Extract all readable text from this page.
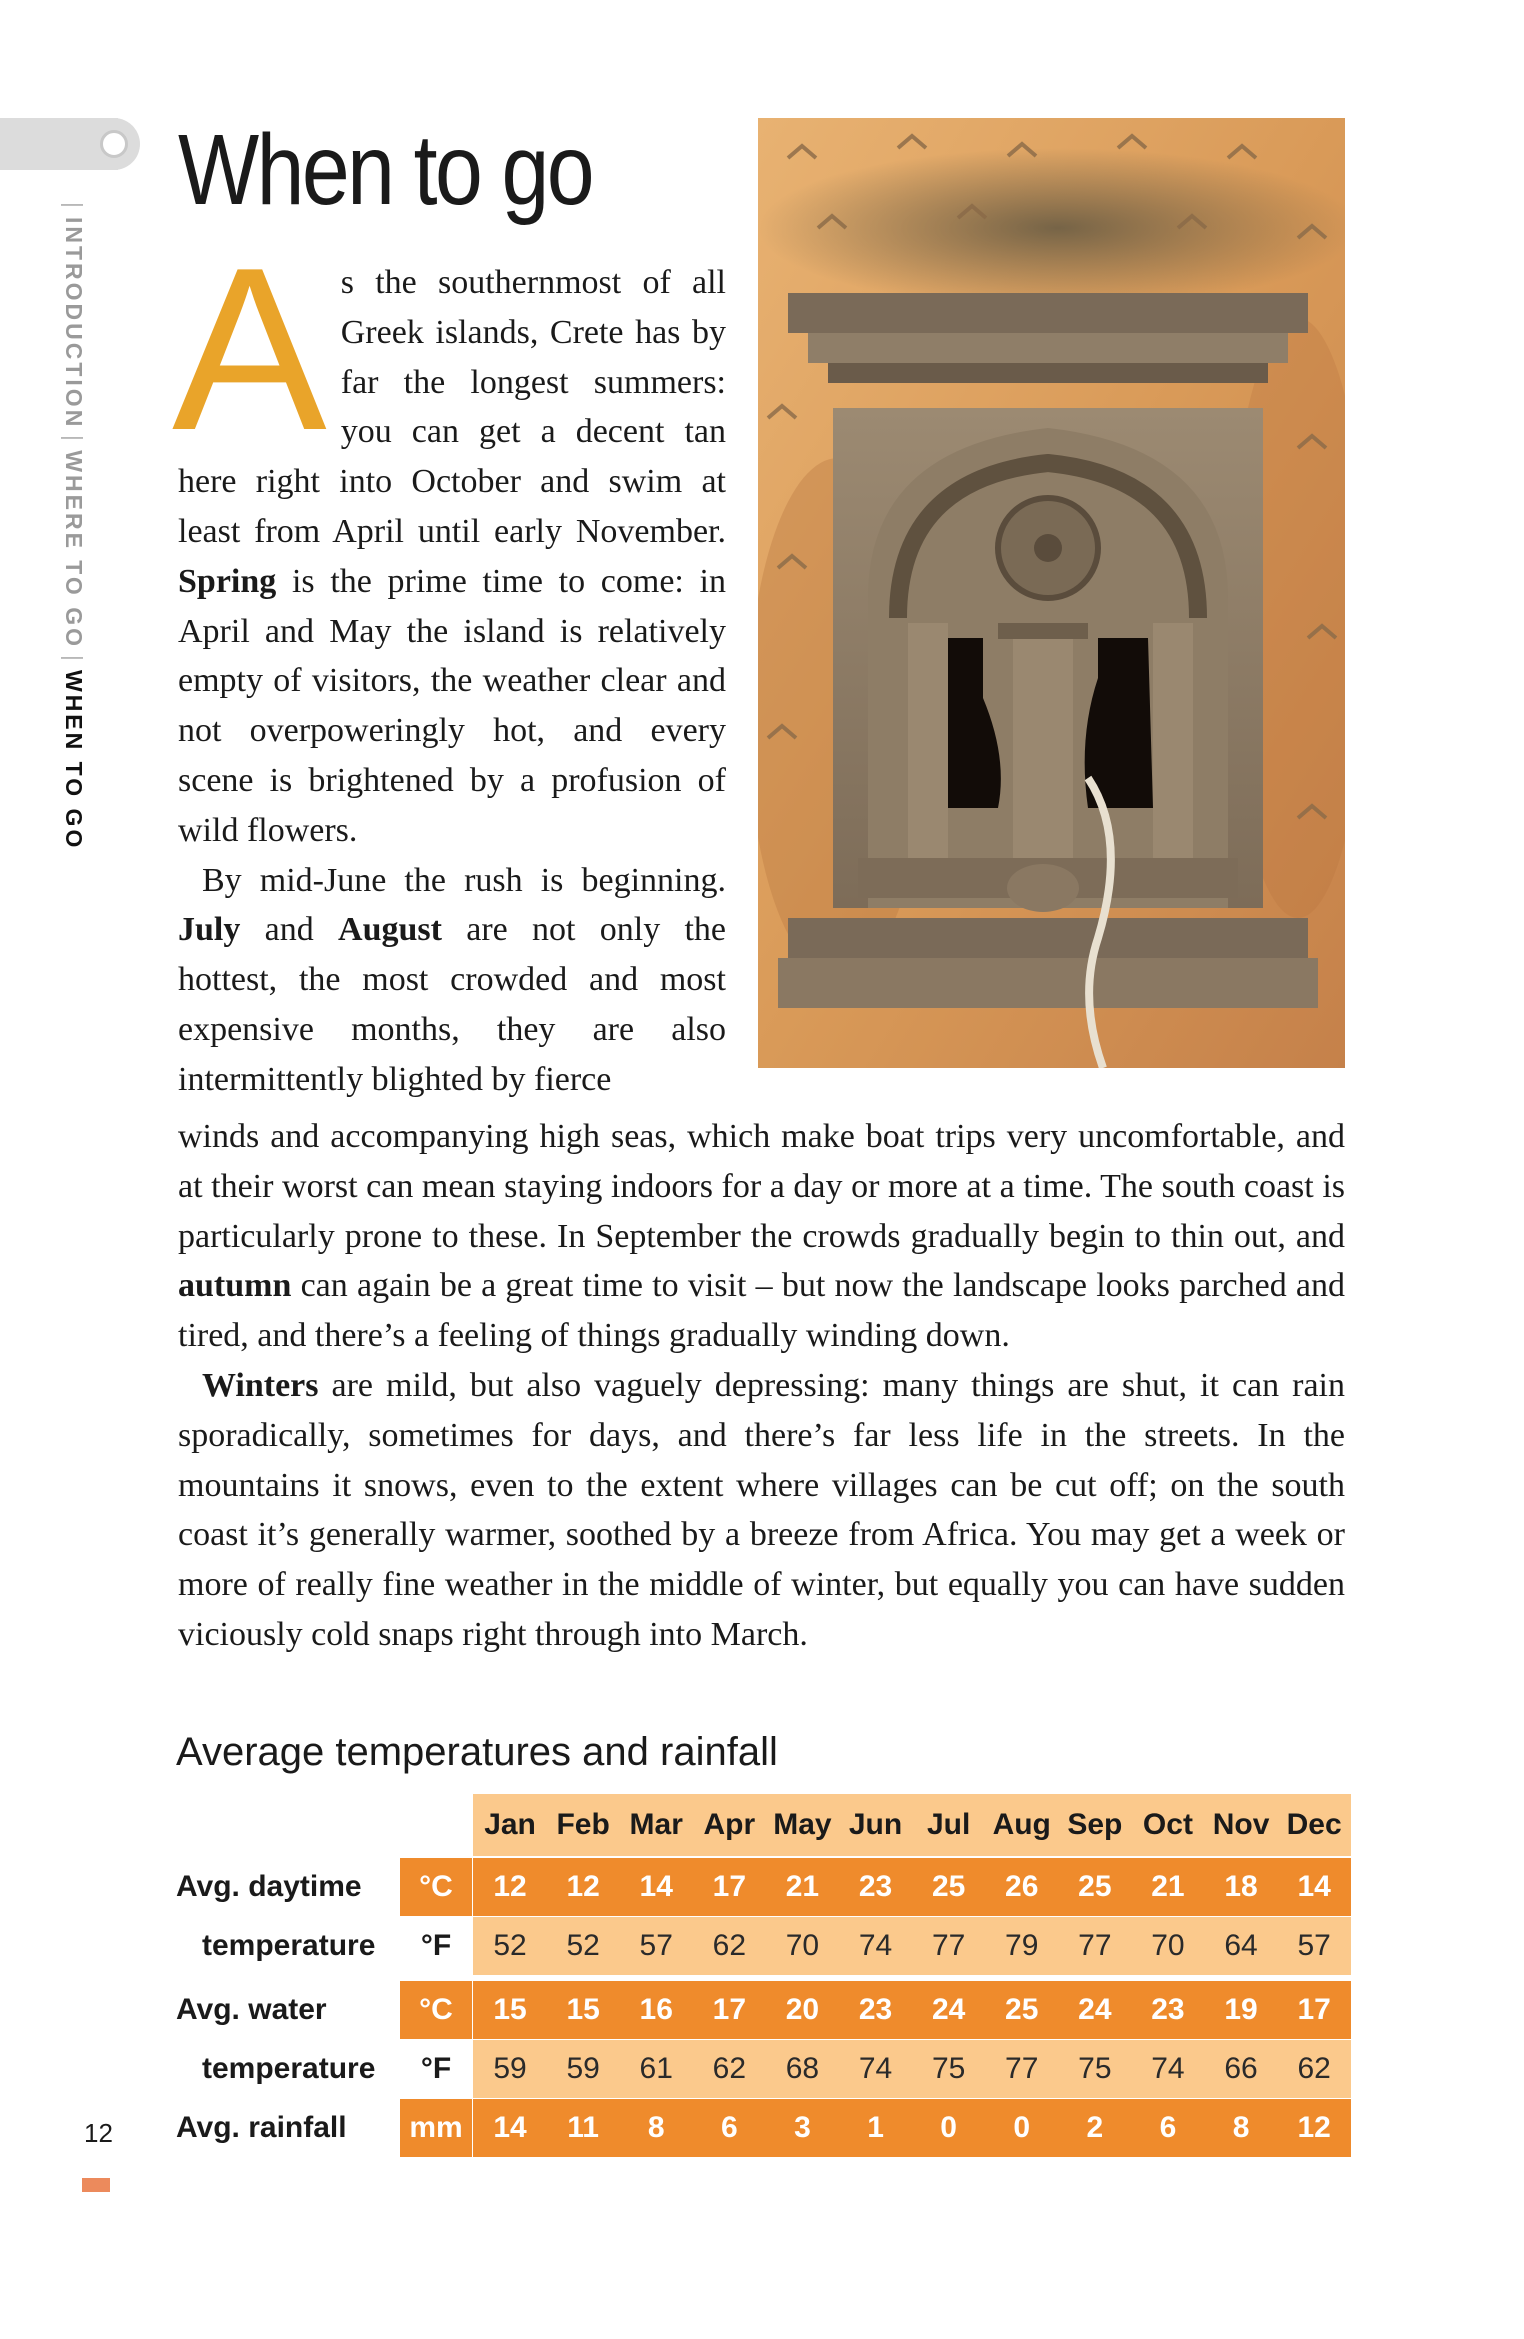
|INTRODUCTION|WHERE TO GO|WHEN TO GO
When to go

As the southernmost of all Greek islands, Crete has by far the longest summers: you can get a decent tan here right into October and swim at least from April until early November. Spring is the prime time to come: in April and May the island is relatively empty of visitors, the weather clear and not overpoweringly hot, and every scene is brightened by a profusion of wild flowers.

By mid-June the rush is beginning. July and August are not only the hottest, the most crowded and most expensive months, they are also intermittently blighted by fierce

winds and accompanying high seas, which make boat trips very uncomfortable, and at their worst can mean staying indoors for a day or more at a time. The south coast is particularly prone to these. In September the crowds gradually begin to thin out, and autumn can again be a great time to visit – but now the landscape looks parched and tired, and there’s a feeling of things gradually winding down.

Winters are mild, but also vaguely depressing: many things are shut, it can rain sporadically, sometimes for days, and there’s far less life in the streets. In the mountains it snows, even to the extent where villages can be cut off; on the south coast it’s generally warmer, soothed by a breeze from Africa. You may get a week or more of really fine weather in the middle of winter, but equally you can have sudden viciously cold snaps right through into March.

Average temperatures and rainfall
Jan Feb Mar Apr May Jun Jul Aug Sep Oct Nov Dec
Avg. daytime	°C	12	12	14	17	21	23	25	26	25	21	18	14
temperature	°F	52	52	57	62	70	74	77	79	77	70	64	57
Avg. water	°C	15	15	16	17	20	23	24	25	24	23	19	17
temperature	°F	59	59	61	62	68	74	75	77	75	74	66	62
Avg. rainfall	mm	14	11	8	6	3	1	0	0	2	6	8	12
12
